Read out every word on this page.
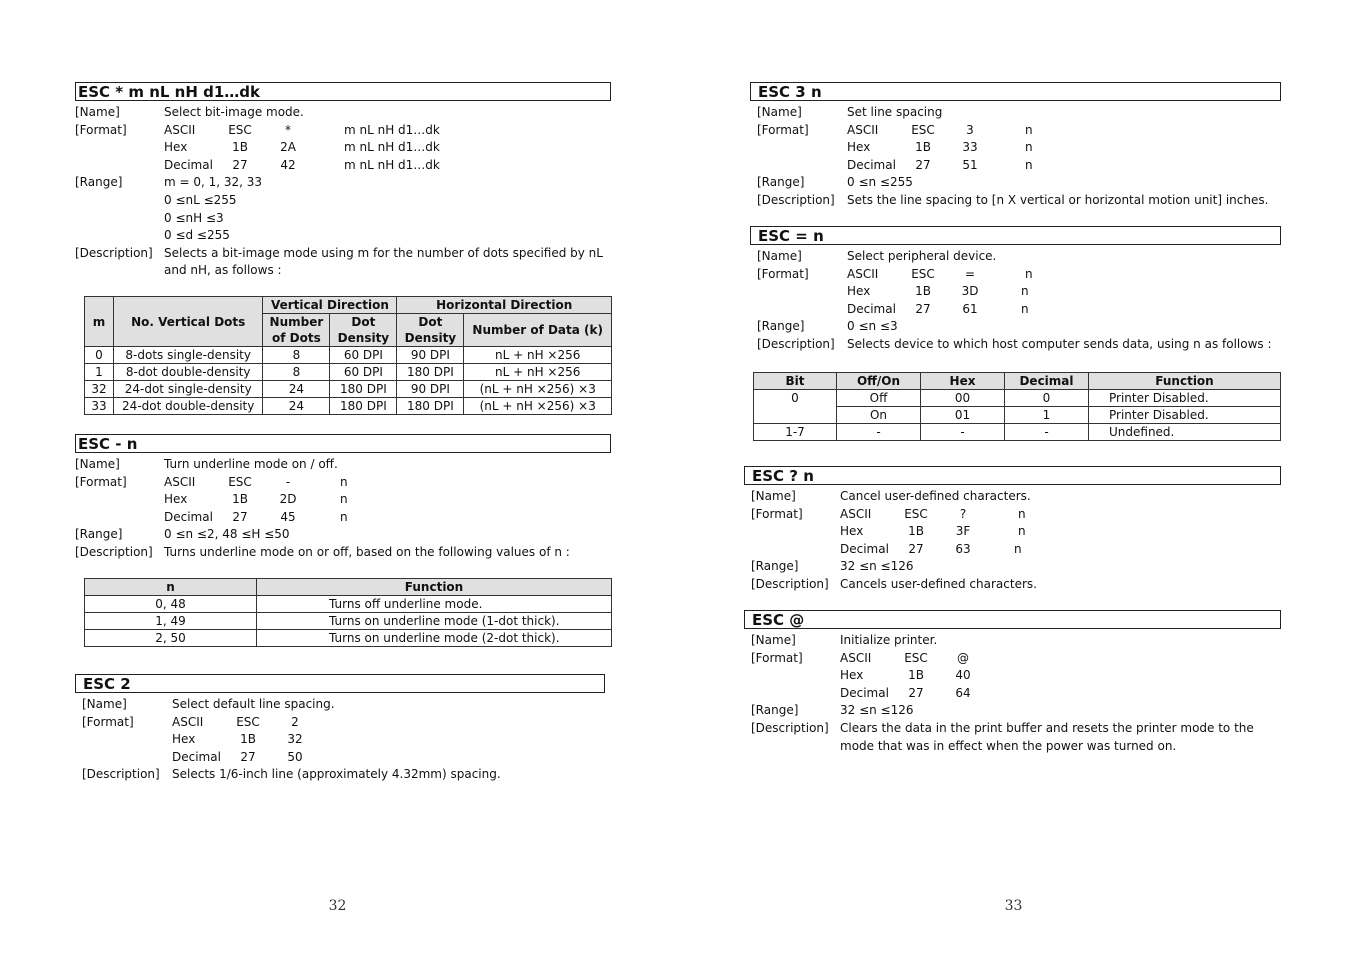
ESC * m nL nH d1…dk
[Name]	Select bit-image mode.
[Format]	ASCII	ESC	*	m nL nH d1…dk
Hex	1B	2A	m nL nH d1…dk
Decimal	27	42	m nL nH d1…dk
[Range]	m = 0, 1, 32, 33
0 ≤nL ≤255
0 ≤nH ≤3
0 ≤d ≤255
[Description] Selects a bit-image mode using m for the number of dots specified by nL and nH, as follows :
m	No. Vertical Dots	Vertical Direction		Horizontal Direction	
		Number of Dots	Dot Density	Dot Density	Number of Data (k)
0	8-dots single-density	8	60 DPI	90 DPI	nL + nH ×256
1	8-dot double-density	8	60 DPI	180 DPI	nL + nH ×256
32	24-dot single-density	24	180 DPI	90 DPI	(nL + nH ×256) ×3
33	24-dot double-density	24	180 DPI	180 DPI	(nL + nH ×256) ×3
ESC - n
[Name]	Turn underline mode on / off.
[Format]	ASCII	ESC	-	n
Hex	1B	2D	n
Decimal	27	45	n
[Range]	0 ≤n ≤2, 48 ≤H ≤50
[Description] Turns underline mode on or off, based on the following values of n :
n	Function
0, 48	Turns off underline mode.
1, 49	Turns on underline mode (1-dot thick).
2, 50	Turns on underline mode (2-dot thick).
ESC 2
[Name]	Select default line spacing.
[Format]	ASCII	ESC	2
Hex	1B	32
Decimal	27	50
[Description]	Selects 1/6-inch line (approximately 4.32mm) spacing.
32
ESC 3 n
[Name]	Set line spacing
[Format]	ASCII	ESC	3	n
Hex	1B	33	n
Decimal	27	51	n
[Range]	0 ≤n ≤255
[Description]	Sets the line spacing to [n X vertical or horizontal motion unit] inches.
ESC = n
[Name]	Select peripheral device.
[Format]	ASCII	ESC	=	n
Hex	1B	3D	n
Decimal	27	61	n
[Range]	0 ≤n ≤3
[Description]	Selects device to which host computer sends data, using n as follows :
Bit	Off/On	Hex	Decimal	Function
0	Off	00	0	Printer Disabled.
	On	01	1	Printer Disabled.
1-7	-	-	-	Undefined.
ESC ? n
[Name]	Cancel user-defined characters.
[Format]	ASCII	ESC	?	n
Hex	1B	3F	n
Decimal	27	63	n
[Range]	32 ≤n ≤126
[Description] Cancels user-defined characters.
ESC @
[Name]	Initialize printer.
[Format]	ASCII	ESC	@
Hex	1B	40
Decimal	27	64
[Range]	32 ≤n ≤126
[Description] Clears the data in the print buffer and resets the printer mode to the mode that was in effect when the power was turned on.
33
